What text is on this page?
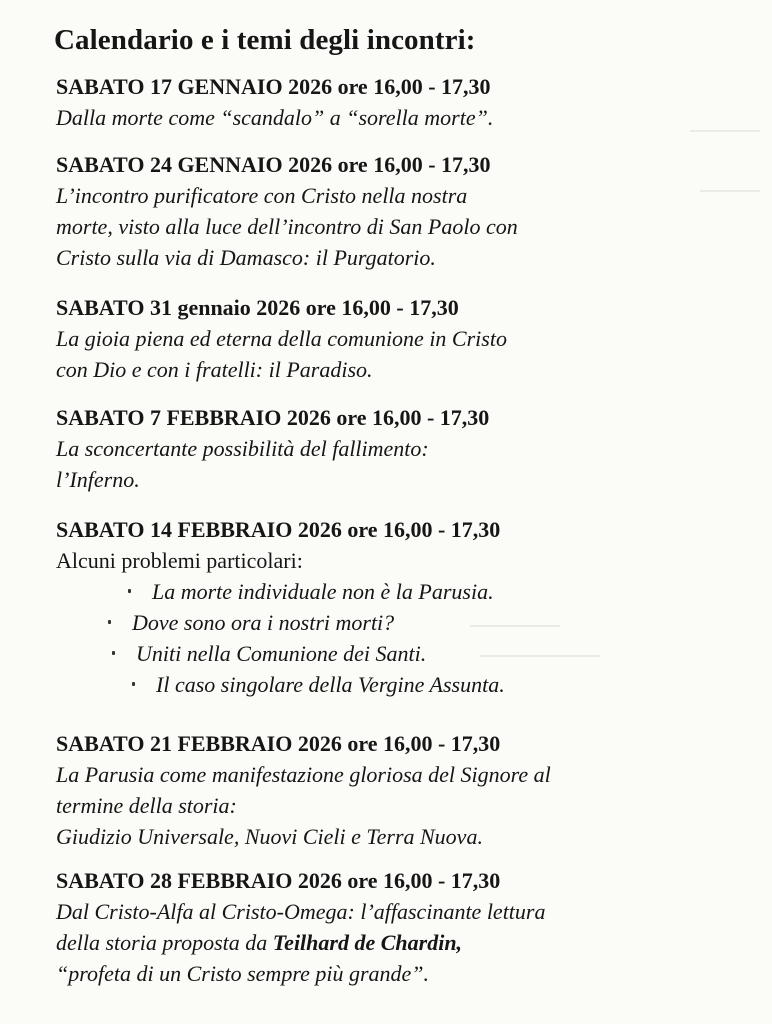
Calendario e i temi degli incontri:
SABATO 17 GENNAIO 2026 ore 16,00 - 17,30
Dalla morte come “scandalo” a “sorella morte”.
SABATO 24 GENNAIO 2026 ore 16,00 - 17,30
L’incontro purificatore con Cristo nella nostra
morte, visto alla luce dell’incontro di San Paolo con
Cristo sulla via di Damasco: il Purgatorio.
SABATO 31 gennaio 2026 ore 16,00 - 17,30
La gioia piena ed eterna della comunione in Cristo
con Dio e con i fratelli: il Paradiso.
SABATO 7 FEBBRAIO 2026 ore 16,00 - 17,30
La sconcertante possibilità del fallimento:
l’Inferno.
SABATO 14 FEBBRAIO 2026 ore 16,00 - 17,30
Alcuni problemi particolari:
La morte individuale non è la Parusia.
Dove sono ora i nostri morti?
Uniti nella Comunione dei Santi.
Il caso singolare della Vergine Assunta.
SABATO 21 FEBBRAIO 2026 ore 16,00 - 17,30
La Parusia come manifestazione gloriosa del Signore al
termine della storia:
Giudizio Universale, Nuovi Cieli e Terra Nuova.
SABATO 28 FEBBRAIO 2026 ore 16,00 - 17,30
Dal Cristo-Alfa al Cristo-Omega: l’affascinante lettura
della storia proposta da Teilhard de Chardin,
“profeta di un Cristo sempre più grande”.
